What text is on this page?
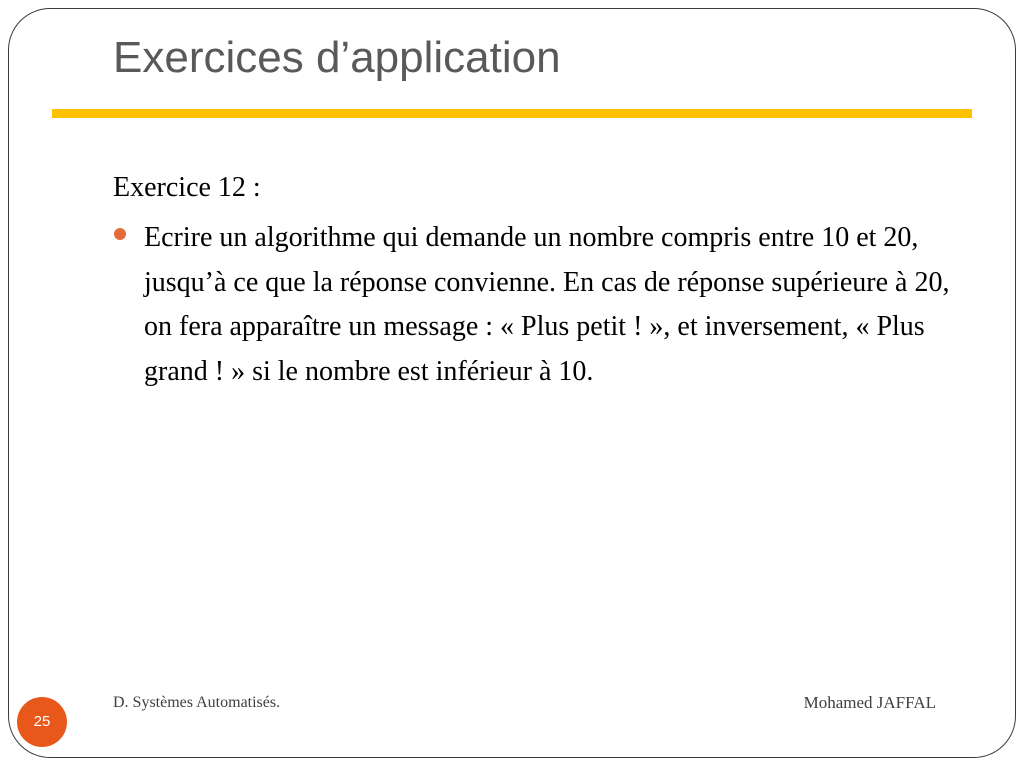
Exercices d’application

Exercice 12 :

Ecrire un algorithme qui demande un nombre compris entre 10 et 20, jusqu’à ce que la réponse convienne. En cas de réponse supérieure à 20, on fera apparaître un message : « Plus petit ! », et inversement, « Plus grand ! » si le nombre est inférieur à 10.

D. Systèmes Automatisés.	Mohamed JAFFAL
25
